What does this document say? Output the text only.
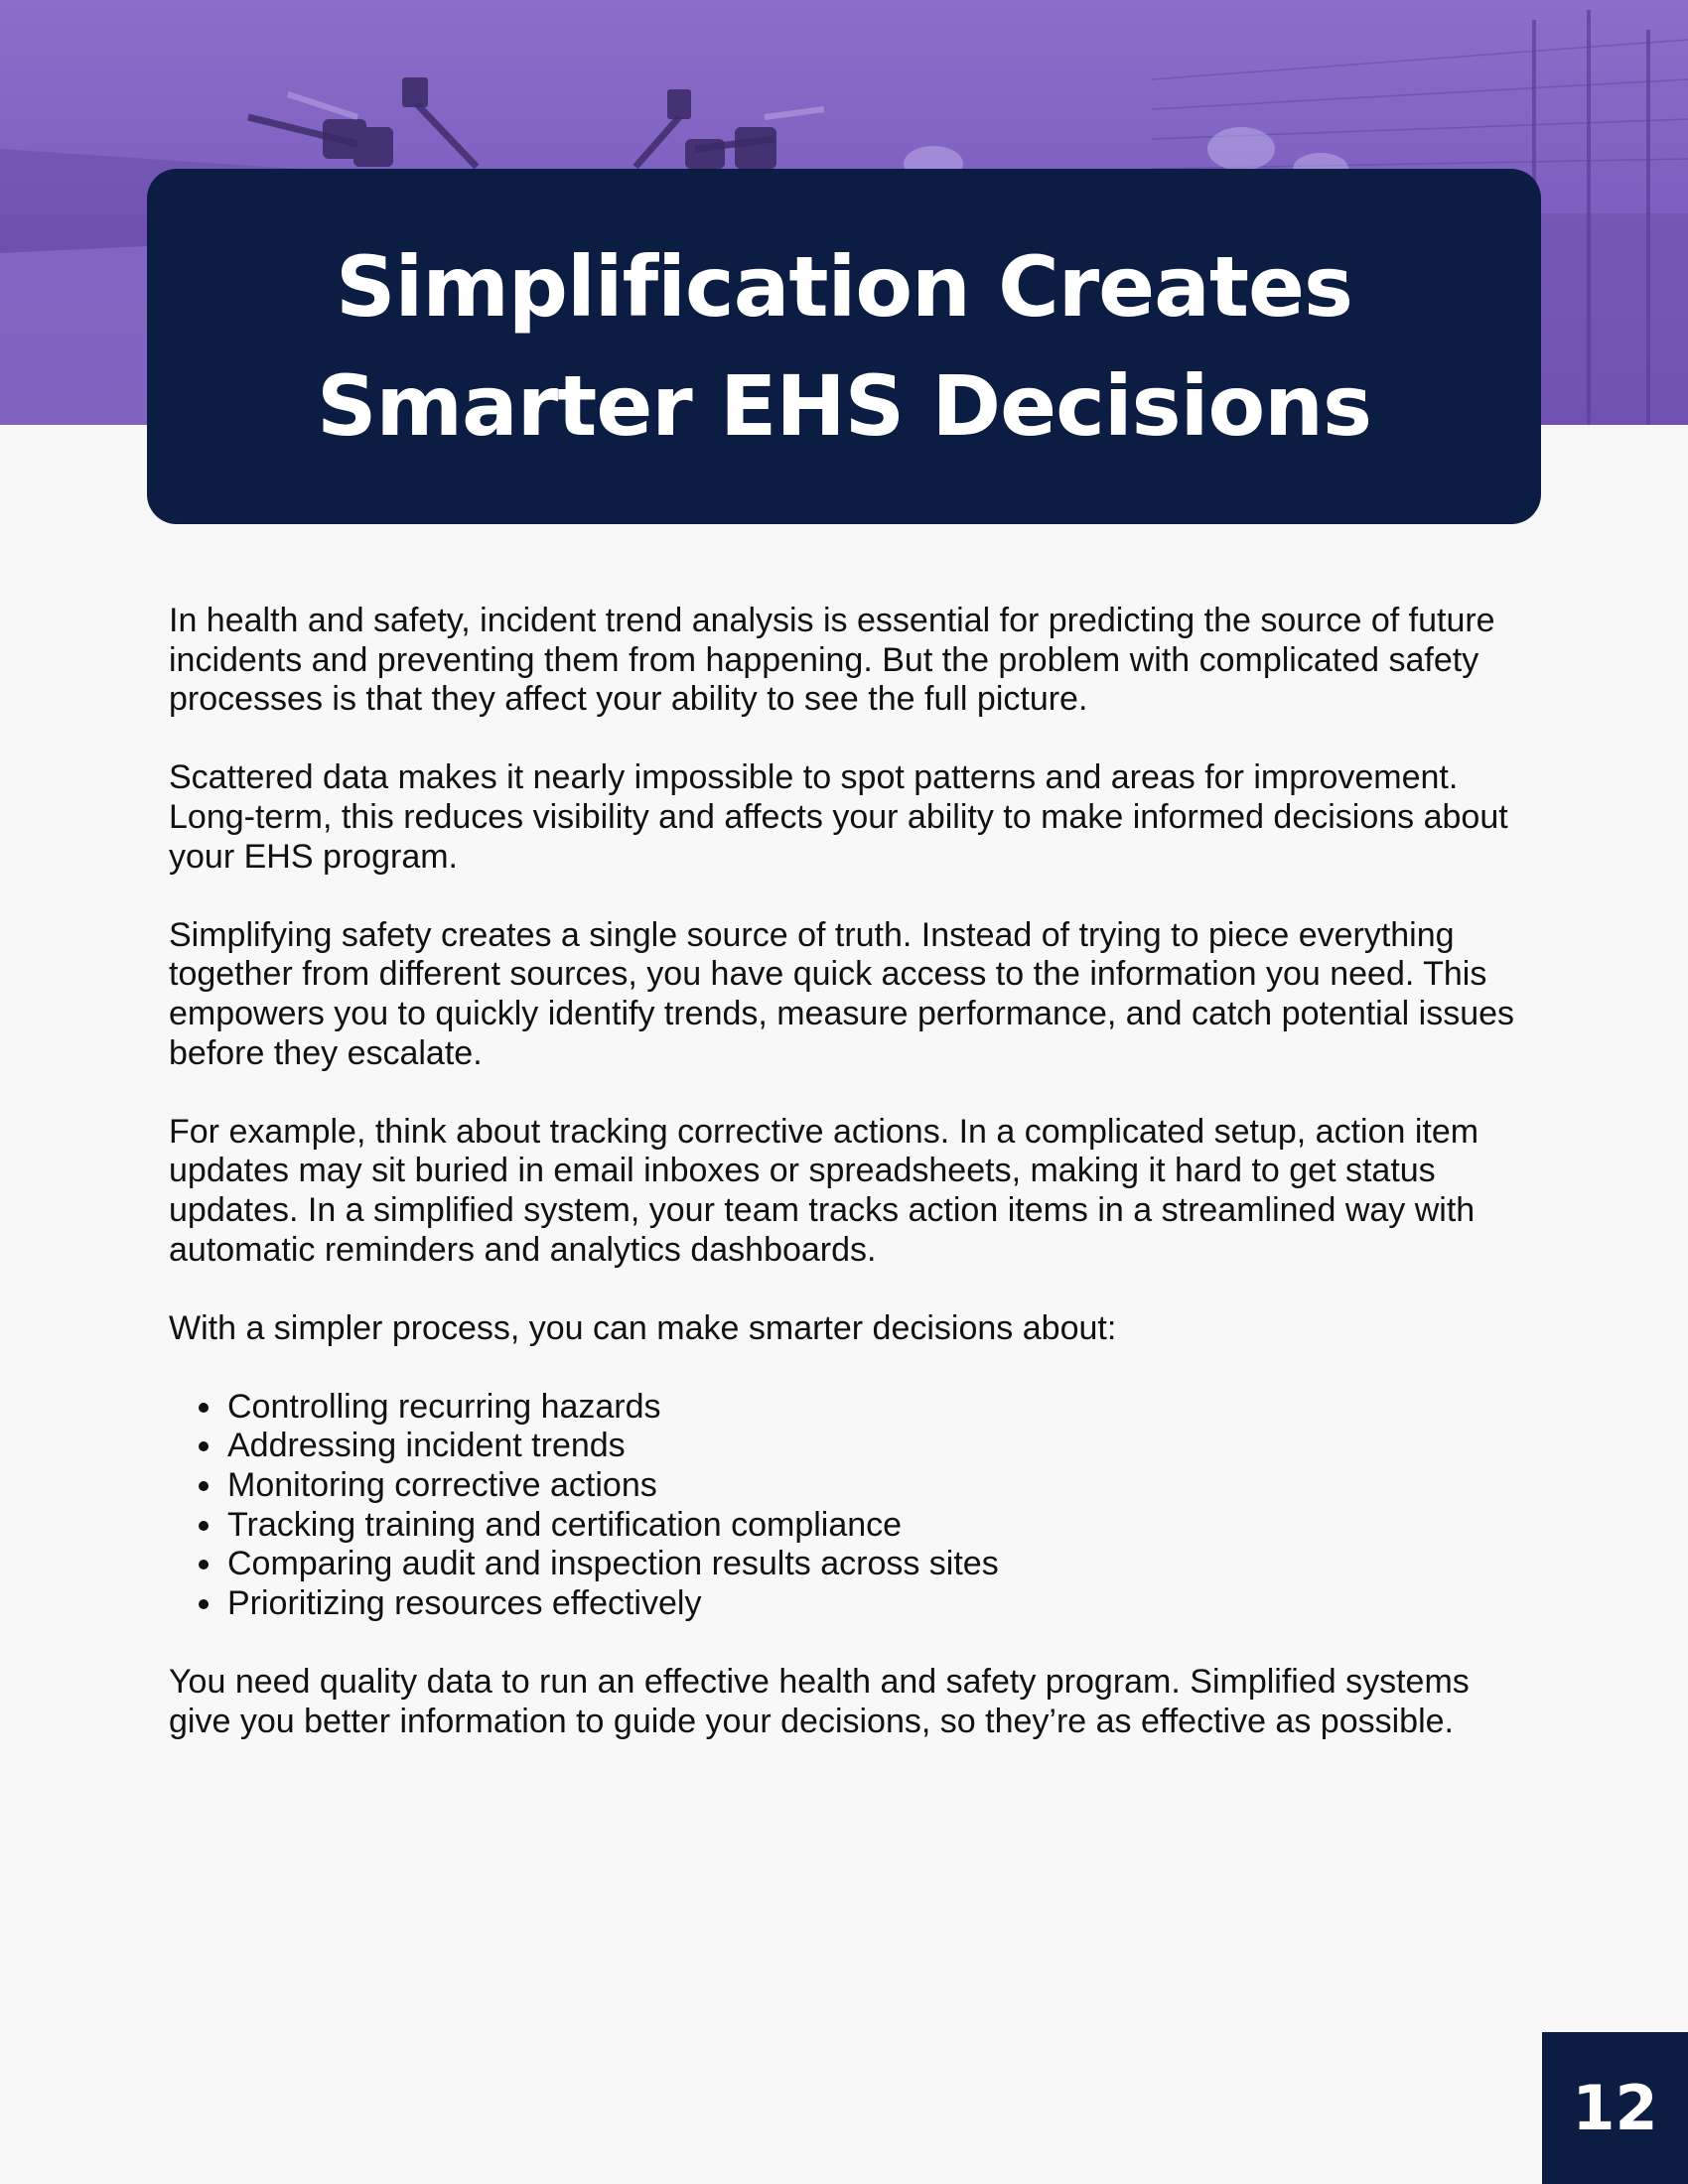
Simplification Creates
Smarter EHS Decisions

In health and safety, incident trend analysis is essential for predicting the source of future incidents and preventing them from happening. But the problem with complicated safety processes is that they affect your ability to see the full picture.

Scattered data makes it nearly impossible to spot patterns and areas for improvement. Long-term, this reduces visibility and affects your ability to make informed decisions about your EHS program.

Simplifying safety creates a single source of truth. Instead of trying to piece everything together from different sources, you have quick access to the information you need. This empowers you to quickly identify trends, measure performance, and catch potential issues before they escalate.

For example, think about tracking corrective actions. In a complicated setup, action item updates may sit buried in email inboxes or spreadsheets, making it hard to get status updates. In a simplified system, your team tracks action items in a streamlined way with automatic reminders and analytics dashboards.

With a simpler process, you can make smarter decisions about:

• Controlling recurring hazards
• Addressing incident trends
• Monitoring corrective actions
• Tracking training and certification compliance
• Comparing audit and inspection results across sites
• Prioritizing resources effectively

You need quality data to run an effective health and safety program. Simplified systems give you better information to guide your decisions, so they’re as effective as possible.

12
